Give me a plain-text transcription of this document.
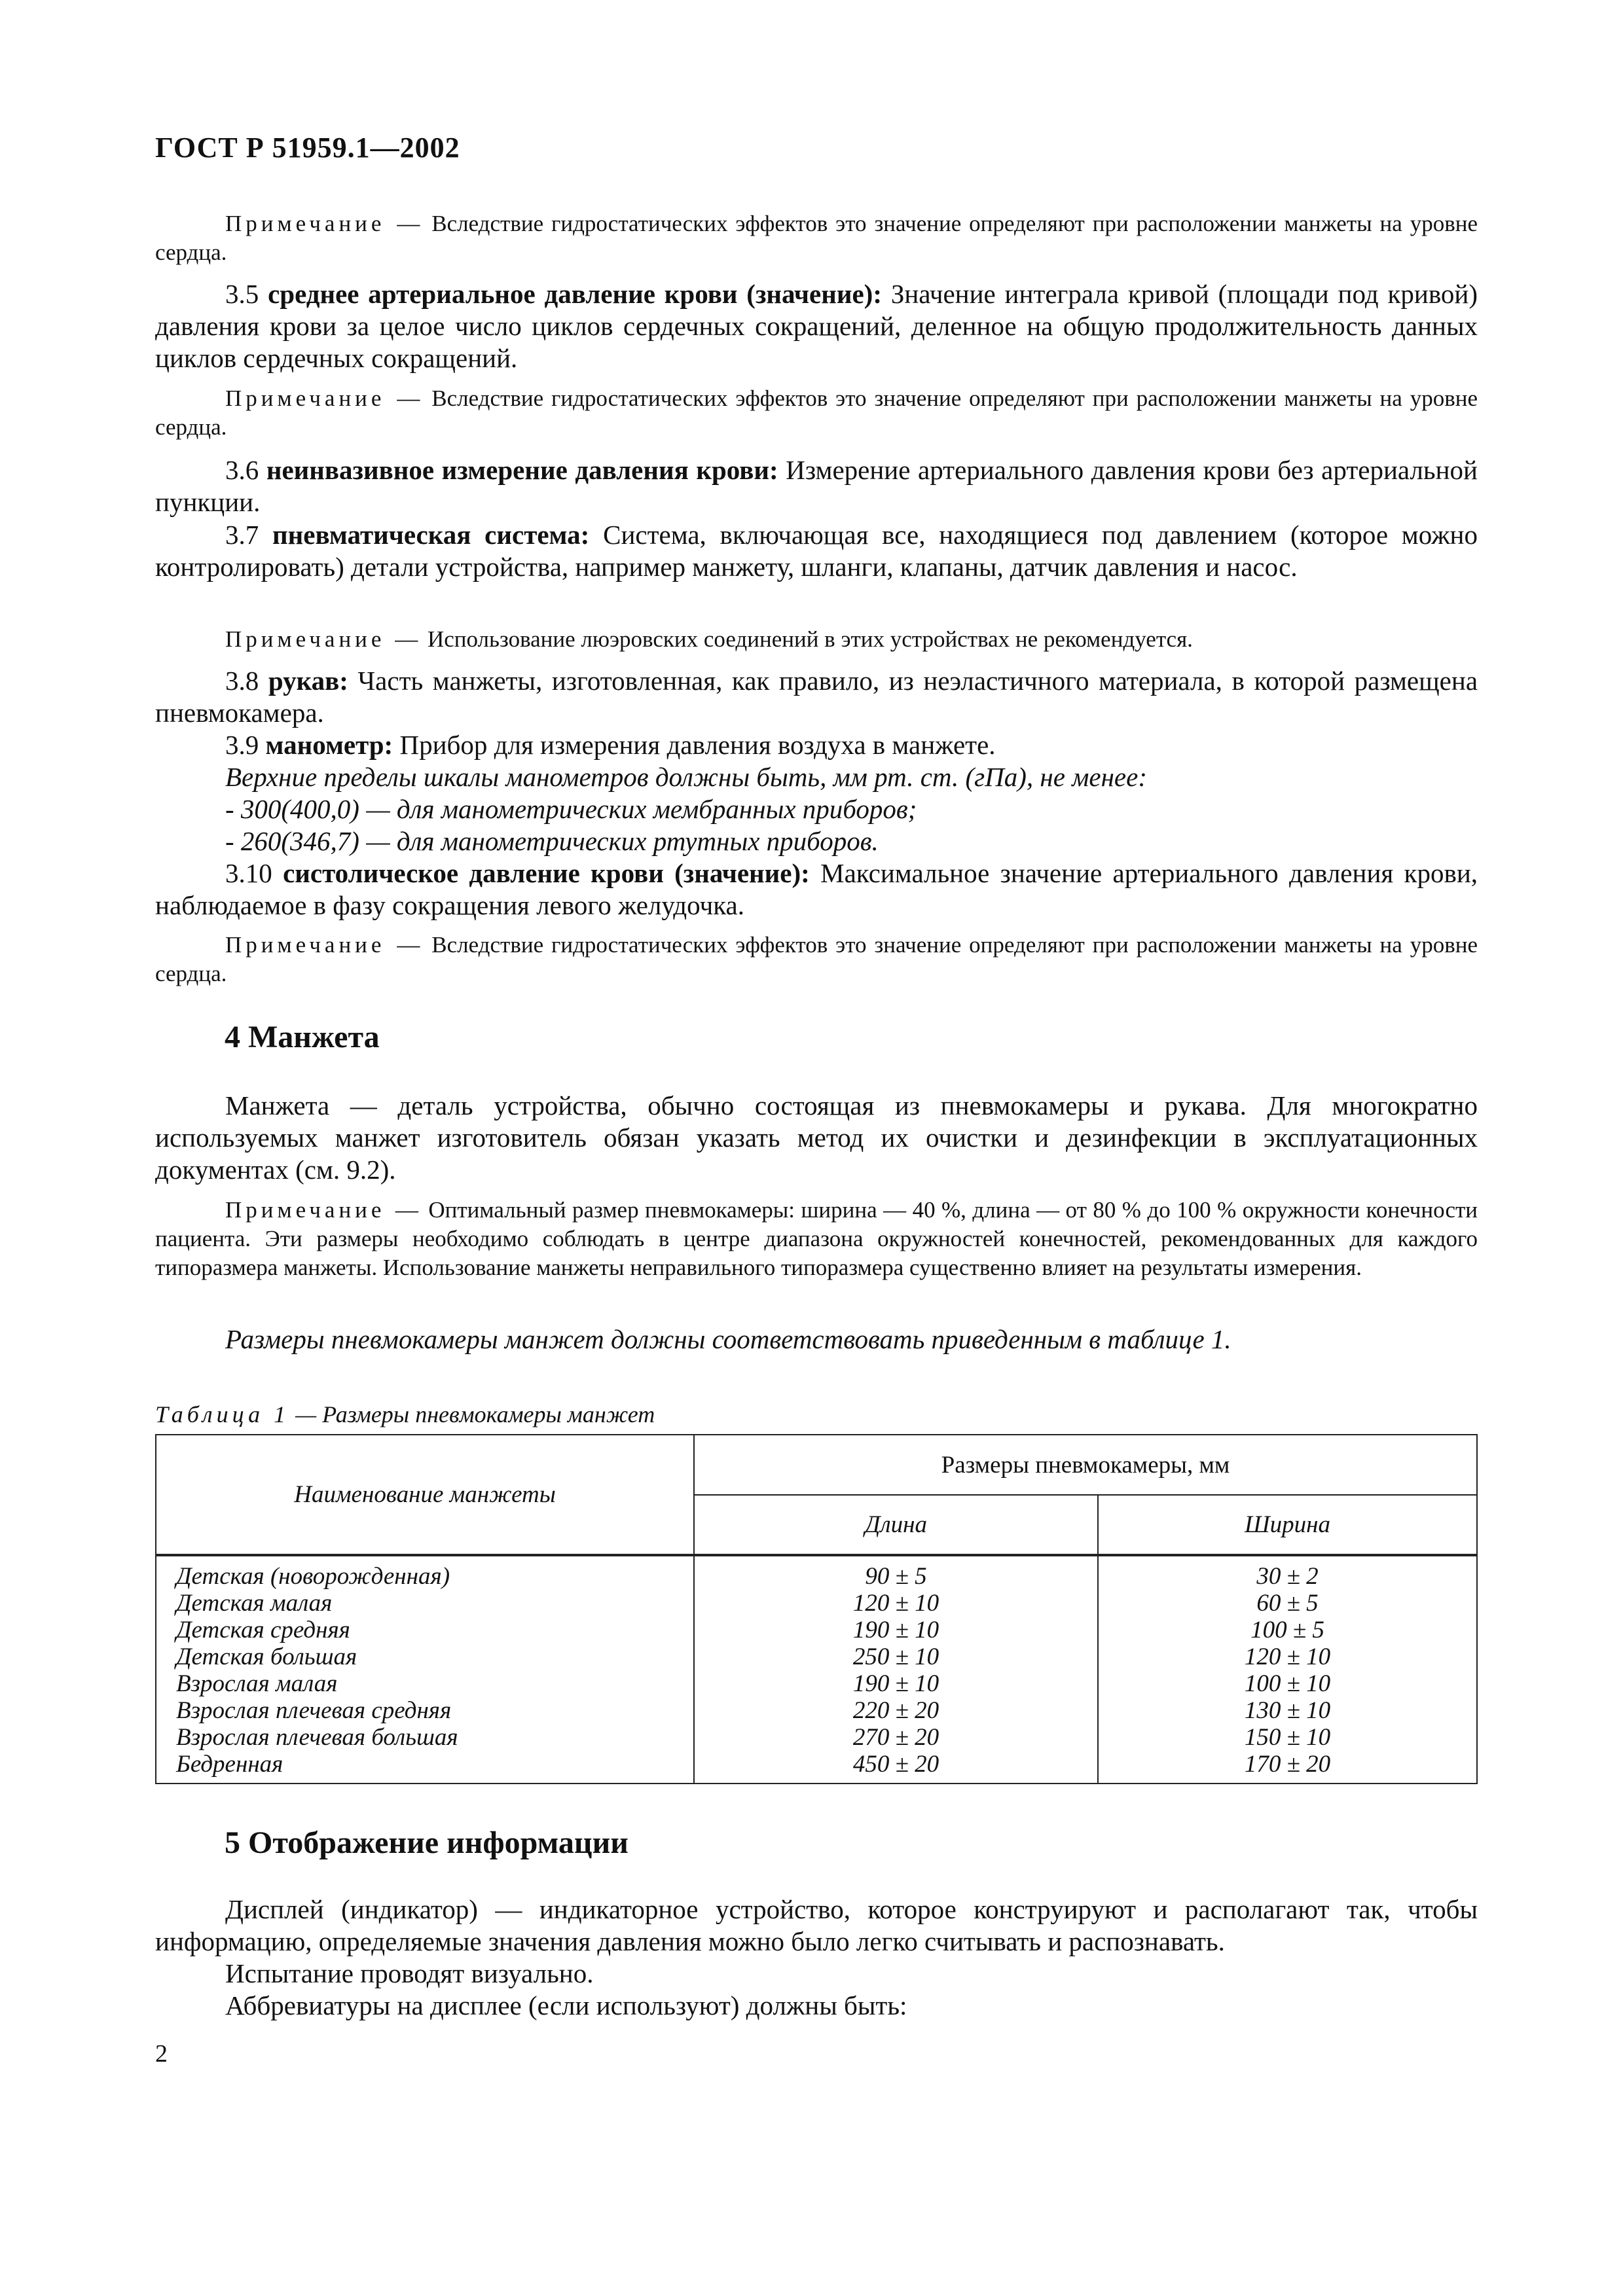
ГОСТ Р 51959.1—2002
Примечание — Вследствие гидростатических эффектов это значение определяют при расположении манжеты на уровне сердца.
3.5 среднее артериальное давление крови (значение): Значение интеграла кривой (площади под кривой) давления крови за целое число циклов сердечных сокращений, деленное на общую продолжительность данных циклов сердечных сокращений.
Примечание — Вследствие гидростатических эффектов это значение определяют при расположении манжеты на уровне сердца.
3.6 неинвазивное измерение давления крови: Измерение артериального давления крови без артериальной пункции.
3.7 пневматическая система: Система, включающая все, находящиеся под давлением (которое можно контролировать) детали устройства, например манжету, шланги, клапаны, датчик давления и насос.
Примечание — Использование люэровских соединений в этих устройствах не рекомендуется.
3.8 рукав: Часть манжеты, изготовленная, как правило, из неэластичного материала, в которой размещена пневмокамера.
3.9 манометр: Прибор для измерения давления воздуха в манжете.
Верхние пределы шкалы манометров должны быть, мм рт. ст. (гПа), не менее:
- 300(400,0) — для манометрических мембранных приборов;
- 260(346,7) — для манометрических ртутных приборов.
3.10 систолическое давление крови (значение): Максимальное значение артериального давления крови, наблюдаемое в фазу сокращения левого желудочка.
Примечание — Вследствие гидростатических эффектов это значение определяют при расположении манжеты на уровне сердца.
4 Манжета
Манжета — деталь устройства, обычно состоящая из пневмокамеры и рукава. Для многократно используемых манжет изготовитель обязан указать метод их очистки и дезинфекции в эксплуатационных документах (см. 9.2).
Примечание — Оптимальный размер пневмокамеры: ширина — 40 %, длина — от 80 % до 100 % окружности конечности пациента. Эти размеры необходимо соблюдать в центре диапазона окружностей конечностей, рекомендованных для каждого типоразмера манжеты. Использование манжеты неправильного типоразмера существенно влияет на результаты измерения.
Размеры пневмокамеры манжет должны соответствовать приведенным в таблице 1.
Таблица 1 — Размеры пневмокамеры манжет
Наименование манжеты	Размеры пневмокамеры, мм	
	Длина	Ширина
Детская (новорожденная)	90 ± 5	30 ± 2
Детская малая	120 ± 10	60 ± 5
Детская средняя	190 ± 10	100 ± 5
Детская большая	250 ± 10	120 ± 10
Взрослая малая	190 ± 10	100 ± 10
Взрослая плечевая средняя	220 ± 20	130 ± 10
Взрослая плечевая большая	270 ± 20	150 ± 10
Бедренная	450 ± 20	170 ± 20
5 Отображение информации
Дисплей (индикатор) — индикаторное устройство, которое конструируют и располагают так, чтобы информацию, определяемые значения давления можно было легко считывать и распознавать.
Испытание проводят визуально.
Аббревиатуры на дисплее (если используют) должны быть:
2
